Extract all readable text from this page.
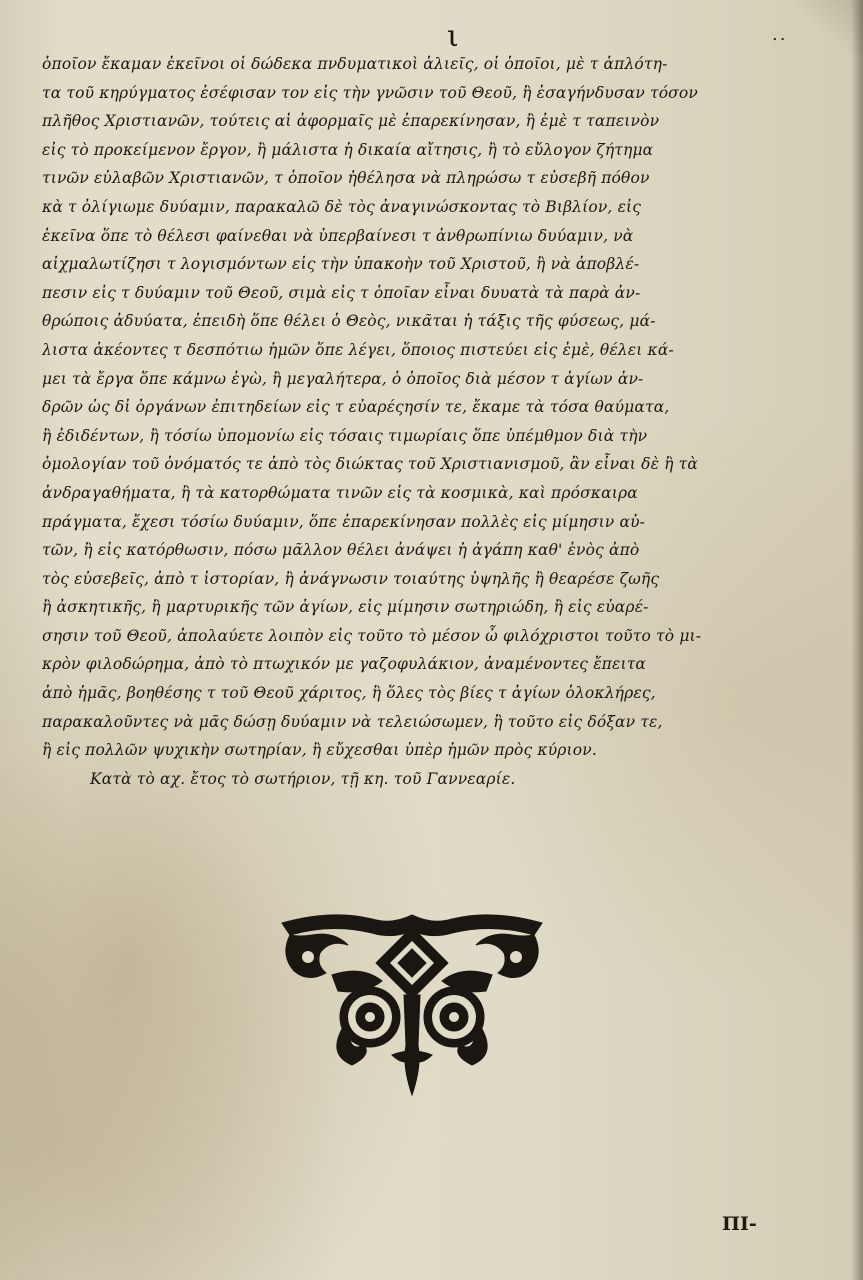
ι	..
ὁποῖον ἔκαμαν ἐκεῖνοι οἱ δώδεκα πνδυματικοὶ ἁλιεῖς, οἱ ὁποῖοι, μὲ τ ἁπλότη-
τα τοῦ κηρύγματος ἐσέφισαν τον εἰς τὴν γνῶσιν τοῦ Θεοῦ, ἢ ἐσαγήνδυσαν τόσον
πλῆθος Χριστιανῶν, τούτεις αἱ ἀφορμαῖς μὲ ἐπαρεκίνησαν, ἢ ἐμὲ τ ταπεινὸν
εἰς τὸ προκείμενον ἔργον, ἢ μάλιστα ἡ δικαία αἴτησις, ἢ τὸ εὔλογον ζήτημα
τινῶν εὐλαβῶν Χριστιανῶν, τ ὁποῖον ἠθέλησα νὰ πληρώσω τ εὐσεβῆ πόθον
κὰ τ ὀλίγιωμε δυύαμιν, παρακαλῶ δὲ τὸς ἀναγινώσκοντας τὸ Βιβλίον, εἰς
ἐκεῖνα ὅπε τὸ θέλεσι φαίνεθαι νὰ ὑπερβαίνεσι τ ἀνθρωπίνιω δυύαμιν, νὰ
αἰχμαλωτίζησι τ λογισμόντων εἰς τὴν ὑπακοὴν τοῦ Χριστοῦ, ἢ νὰ ἀποβλέ-
πεσιν εἰς τ δυύαμιν τοῦ Θεοῦ, σιμὰ εἰς τ ὁποῖαν εἶναι δυυατὰ τὰ παρὰ ἀν-
θρώποις ἀδυύατα, ἐπειδὴ ὅπε θέλει ὁ Θεὸς, νικᾶται ἡ τάξις τῆς φύσεως, μά-
λιστα ἀκέοντες τ δεσπότιω ἡμῶν ὅπε λέγει, ὅποιος πιστεύει εἰς ἐμὲ, θέλει κά-
μει τὰ ἔργα ὅπε κάμνω ἐγὼ, ἢ μεγαλήτερα, ὁ ὁποῖος διὰ μέσον τ ἁγίων ἀν-
δρῶν ὡς δἰ ὀργάνων ἐπιτηδείων εἰς τ εὐαρέςησίν τε, ἔκαμε τὰ τόσα θαύματα,
ἢ ἐδιδέντων, ἢ τόσίω ὑπομονίω εἰς τόσαις τιμωρίαις ὅπε ὑπέμθμον διὰ τὴν
ὁμολογίαν τοῦ ὀνόματός τε ἀπὸ τὸς διώκτας τοῦ Χριστιανισμοῦ, ἂν εἶναι δὲ ἢ τὰ
ἀνδραγαθήματα, ἢ τὰ κατορθώματα τινῶν εἰς τὰ κοσμικὰ, καὶ πρόσκαιρα
πράγματα, ἔχεσι τόσίω δυύαμιν, ὅπε ἐπαρεκίνησαν πολλὲς εἰς μίμησιν αὐ-
τῶν, ἢ εἰς κατόρθωσιν, πόσω μᾶλλον θέλει ἀνάψει ἡ ἀγάπη καθ' ἑνὸς ἀπὸ
τὸς εὐσεβεῖς, ἀπὸ τ ἱστορίαν, ἢ ἀνάγνωσιν τοιαύτης ὑψηλῆς ἢ θεαρέσε ζωῆς
ἢ ἀσκητικῆς, ἢ μαρτυρικῆς τῶν ἁγίων, εἰς μίμησιν σωτηριώδη, ἢ εἰς εὐαρέ-
σησιν τοῦ Θεοῦ, ἀπολαύετε λοιπὸν εἰς τοῦτο τὸ μέσον ὦ φιλόχριστοι τοῦτο τὸ μι-
κρὸν φιλοδώρημα, ἀπὸ τὸ πτωχικόν με γαζοφυλάκιον, ἀναμένοντες ἔπειτα
ἀπὸ ἡμᾶς, βοηθέσης τ τοῦ Θεοῦ χάριτος, ἢ ὅλες τὸς βίες τ ἁγίων ὁλοκλήρες,
παρακαλοῦντες νὰ μᾶς δώσῃ δυύαμιν νὰ τελειώσωμεν, ἢ τοῦτο εἰς δόξαν τε,
ἢ εἰς πολλῶν ψυχικὴν σωτηρίαν, ἢ εὔχεσθαι ὑπὲρ ἡμῶν πρὸς κύριον.
Κατὰ τὸ αχ. ἔτος τὸ σωτήριον, τῇ κη. τοῦ Γαννεαρίε.
ΠΙ-
